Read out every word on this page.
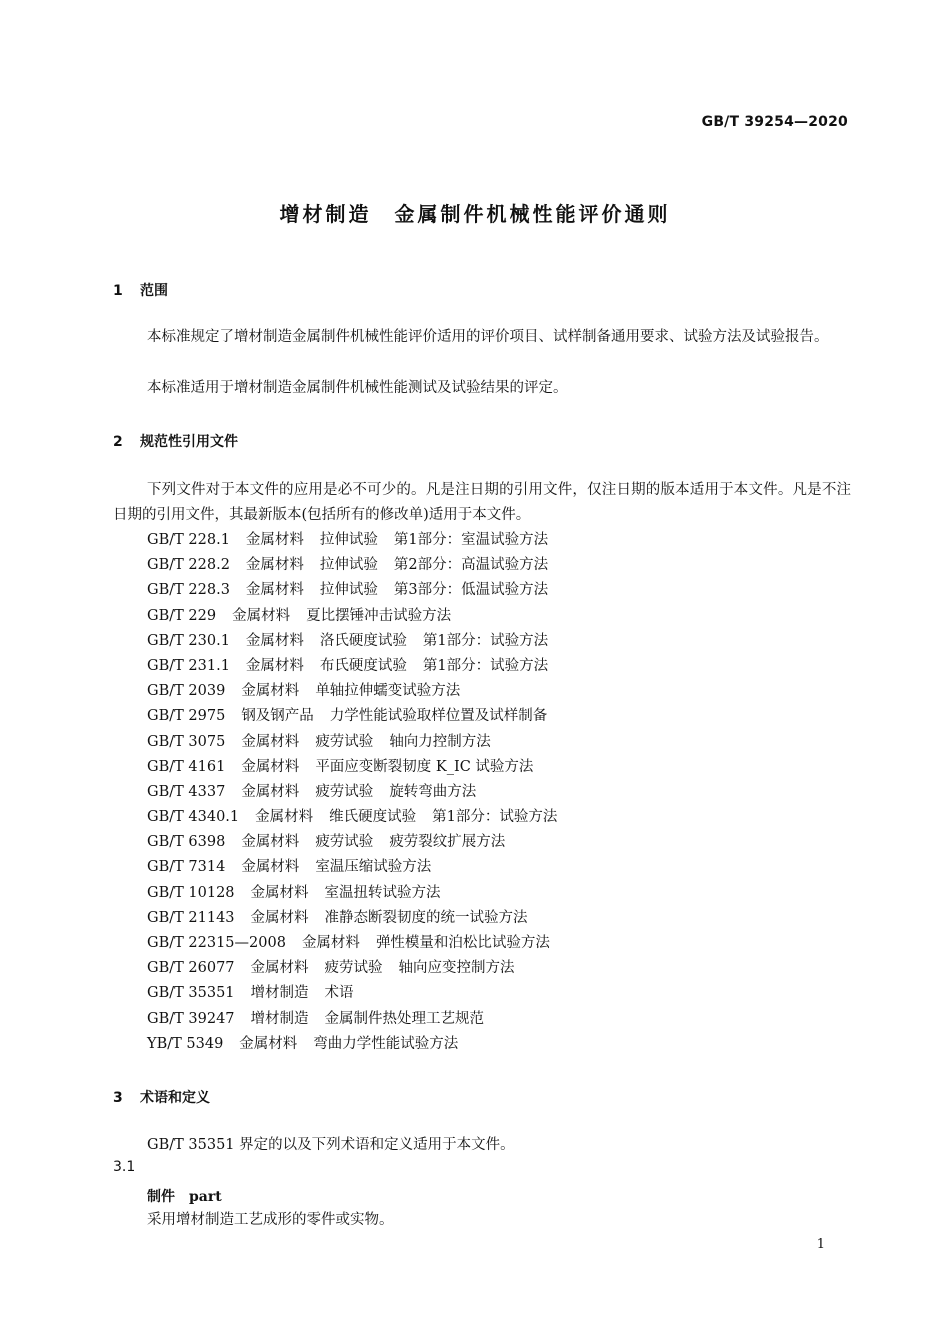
GB/T 39254—2020
增材制造　金属制件机械性能评价通则
1 范围

本标准规定了增材制造金属制件机械性能评价适用的评价项目、试样制备通用要求、试验方法及试验报告。

本标准适用于增材制造金属制件机械性能测试及试验结果的评定。

2 规范性引用文件

下列文件对于本文件的应用是必不可少的。凡是注日期的引用文件，仅注日期的版本适用于本文件。凡是不注日期的引用文件，其最新版本(包括所有的修改单)适用于本文件。

GB/T 228.1 金属材料 拉伸试验 第1部分：室温试验方法
GB/T 228.2 金属材料 拉伸试验 第2部分：高温试验方法
GB/T 228.3 金属材料 拉伸试验 第3部分：低温试验方法
GB/T 229 金属材料 夏比摆锤冲击试验方法
GB/T 230.1 金属材料 洛氏硬度试验 第1部分：试验方法
GB/T 231.1 金属材料 布氏硬度试验 第1部分：试验方法
GB/T 2039 金属材料 单轴拉伸蠕变试验方法
GB/T 2975 钢及钢产品 力学性能试验取样位置及试样制备
GB/T 3075 金属材料 疲劳试验 轴向力控制方法
GB/T 4161 金属材料 平面应变断裂韧度 K_IC 试验方法
GB/T 4337 金属材料 疲劳试验 旋转弯曲方法
GB/T 4340.1 金属材料 维氏硬度试验 第1部分：试验方法
GB/T 6398 金属材料 疲劳试验 疲劳裂纹扩展方法
GB/T 7314 金属材料 室温压缩试验方法
GB/T 10128 金属材料 室温扭转试验方法
GB/T 21143 金属材料 准静态断裂韧度的统一试验方法
GB/T 22315—2008 金属材料 弹性模量和泊松比试验方法
GB/T 26077 金属材料 疲劳试验 轴向应变控制方法
GB/T 35351 增材制造 术语
GB/T 39247 增材制造 金属制件热处理工艺规范
YB/T 5349 金属材料 弯曲力学性能试验方法
3 术语和定义

GB/T 35351 界定的以及下列术语和定义适用于本文件。

3.1
制件 part

采用增材制造工艺成形的零件或实物。

1
